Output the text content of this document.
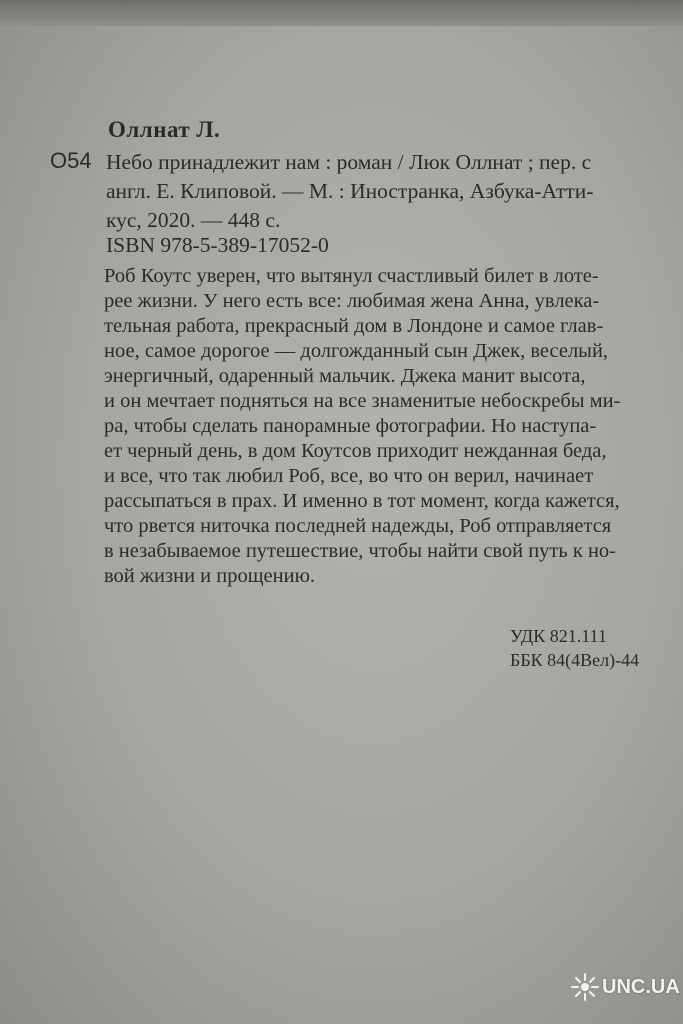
Оллнат Л.
О54 Небо принадлежит нам : роман / Люк Оллнат ; пер. с
англ. Е. Клиповой. — М. : Иностранка, Азбука-Атти-
кус, 2020. — 448 с.
ISBN 978-5-389-17052-0
Роб Коутс уверен, что вытянул счастливый билет в лоте-
рее жизни. У него есть все: любимая жена Анна, увлека-
тельная работа, прекрасный дом в Лондоне и самое глав-
ное, самое дорогое — долгожданный сын Джек, веселый,
энергичный, одаренный мальчик. Джека манит высота,
и он мечтает подняться на все знаменитые небоскребы ми-
ра, чтобы сделать панорамные фотографии. Но наступа-
ет черный день, в дом Коутсов приходит нежданная беда,
и все, что так любил Роб, все, во что он верил, начинает
рассыпаться в прах. И именно в тот момент, когда кажется,
что рвется ниточка последней надежды, Роб отправляется
в незабываемое путешествие, чтобы найти свой путь к но-
вой жизни и прощению.
УДК 821.111
ББК 84(4Вел)-44
UNC.UA
